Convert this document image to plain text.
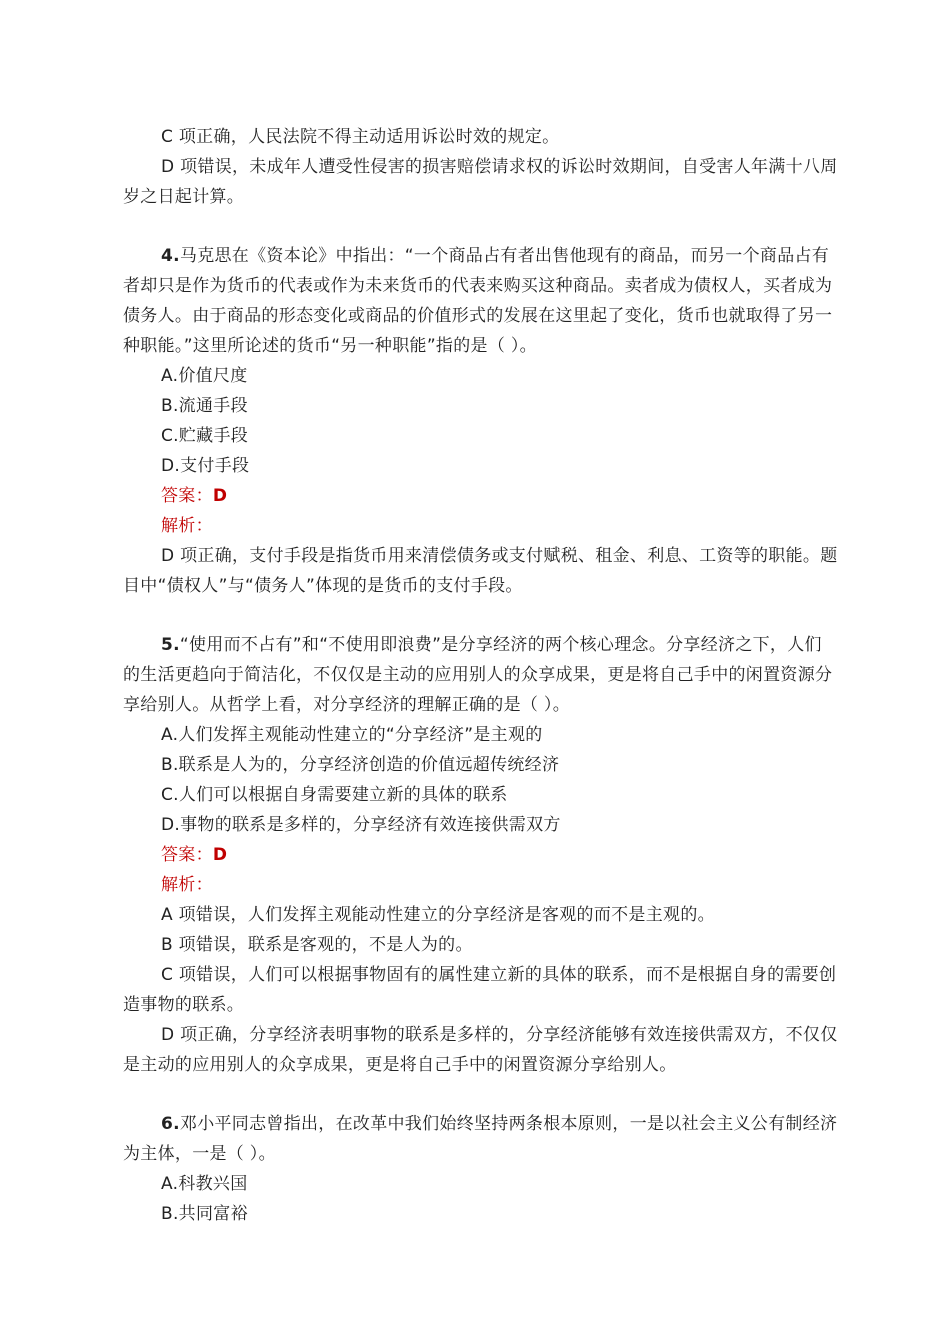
C 项正确，人民法院不得主动适用诉讼时效的规定。

D 项错误，未成年人遭受性侵害的损害赔偿请求权的诉讼时效期间，自受害人年满十八周岁之日起计算。

4.马克思在《资本论》中指出：“一个商品占有者出售他现有的商品，而另一个商品占有者却只是作为货币的代表或作为未来货币的代表来购买这种商品。卖者成为债权人，买者成为债务人。由于商品的形态变化或商品的价值形式的发展在这里起了变化，货币也就取得了另一种职能。”这里所论述的货币“另一种职能”指的是（ ）。

A.价值尺度

B.流通手段

C.贮藏手段

D.支付手段

答案：D

解析：

D 项正确，支付手段是指货币用来清偿债务或支付赋税、租金、利息、工资等的职能。题目中“债权人”与“债务人”体现的是货币的支付手段。

5.“使用而不占有”和“不使用即浪费”是分享经济的两个核心理念。分享经济之下，人们的生活更趋向于简洁化，不仅仅是主动的应用别人的众享成果，更是将自己手中的闲置资源分享给别人。从哲学上看，对分享经济的理解正确的是（ ）。

A.人们发挥主观能动性建立的“分享经济”是主观的

B.联系是人为的，分享经济创造的价值远超传统经济

C.人们可以根据自身需要建立新的具体的联系

D.事物的联系是多样的，分享经济有效连接供需双方

答案：D

解析：

A 项错误，人们发挥主观能动性建立的分享经济是客观的而不是主观的。

B 项错误，联系是客观的，不是人为的。

C 项错误，人们可以根据事物固有的属性建立新的具体的联系，而不是根据自身的需要创造事物的联系。

D 项正确，分享经济表明事物的联系是多样的，分享经济能够有效连接供需双方，不仅仅是主动的应用别人的众享成果，更是将自己手中的闲置资源分享给别人。

6.邓小平同志曾指出，在改革中我们始终坚持两条根本原则，一是以社会主义公有制经济为主体，一是（ ）。

A.科教兴国

B.共同富裕
